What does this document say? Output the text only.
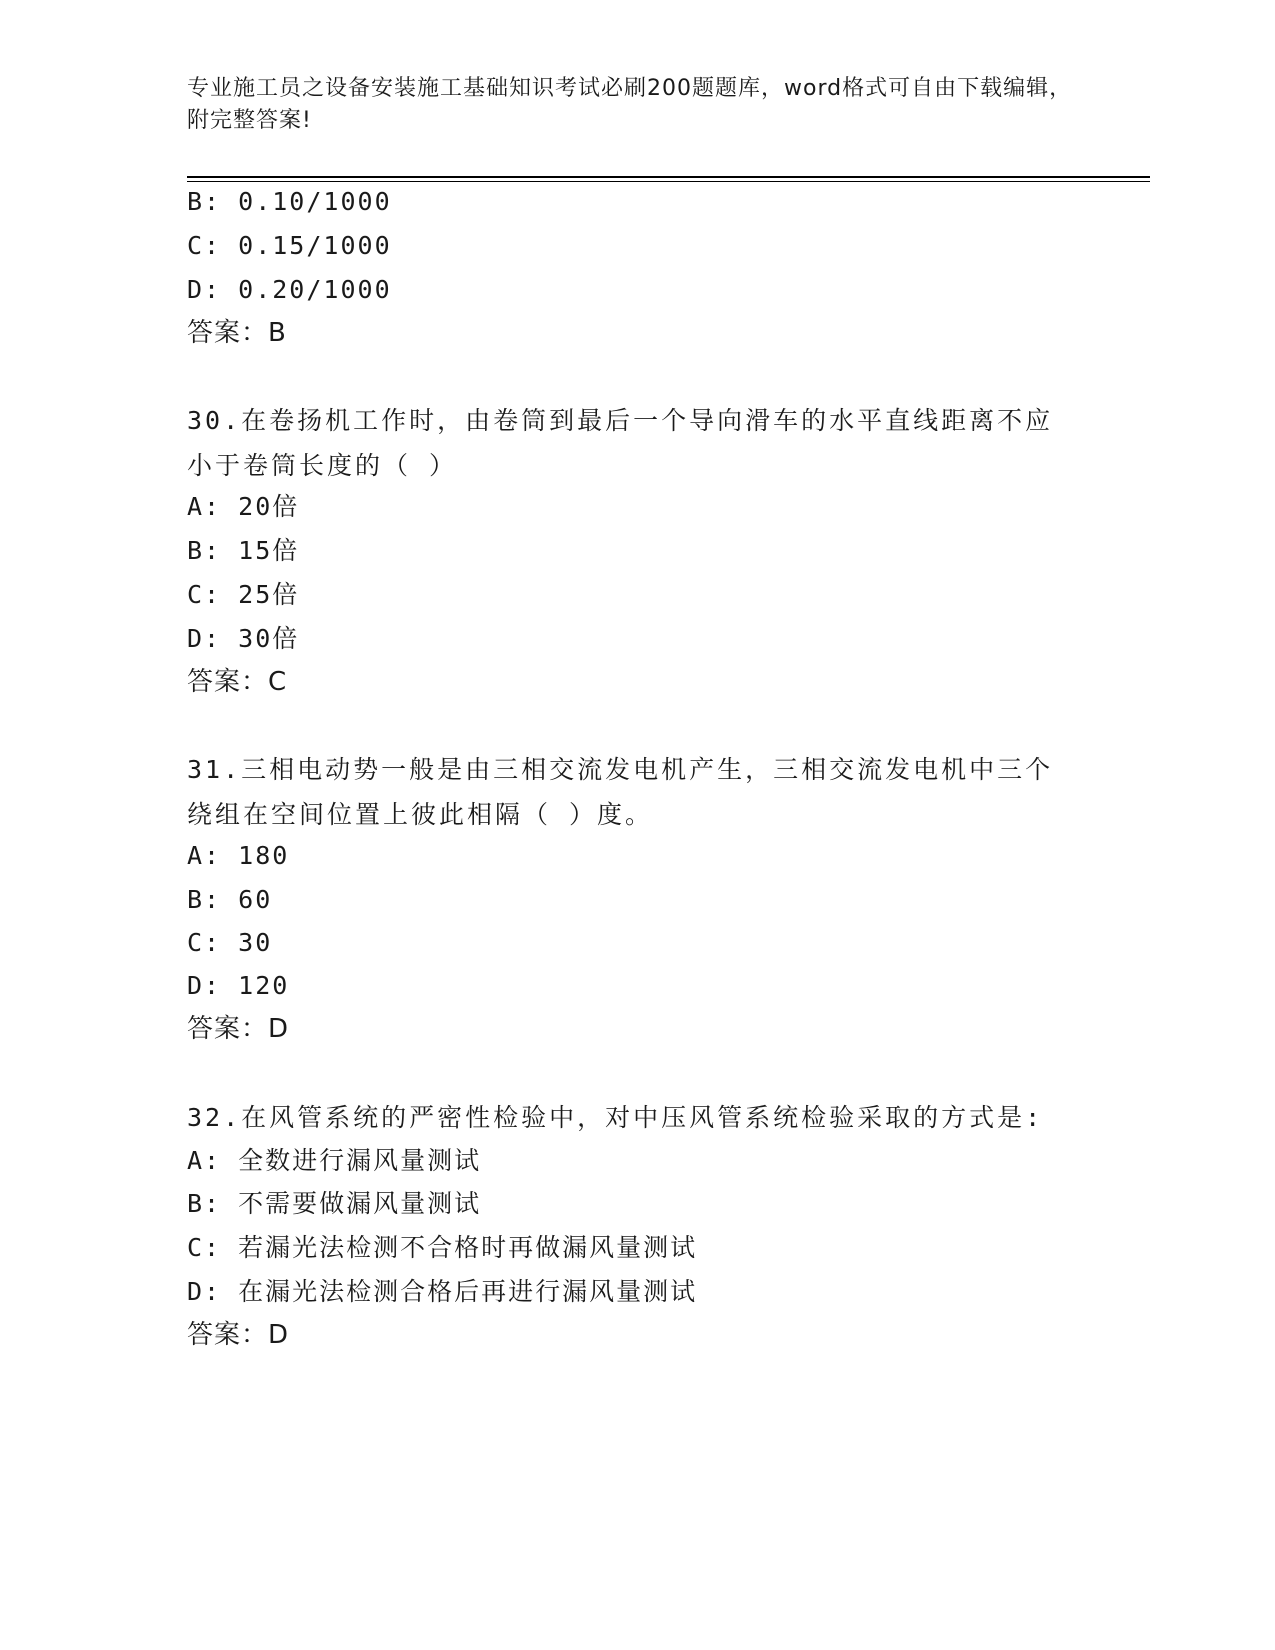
专业施工员之设备安装施工基础知识考试必刷200题题库，word格式可自由下载编辑，附完整答案!
B: 0.10/1000
C: 0.15/1000
D: 0.20/1000
答案：B
30.在卷扬机工作时，由卷筒到最后一个导向滑车的水平直线距离不应小于卷筒长度的（ ）
A: 20倍
B: 15倍
C: 25倍
D: 30倍
答案：C
31.三相电动势一般是由三相交流发电机产生，三相交流发电机中三个绕组在空间位置上彼此相隔（ ）度。
A: 180
B: 60
C: 30
D: 120
答案：D
32.在风管系统的严密性检验中，对中压风管系统检验采取的方式是:
A: 全数进行漏风量测试
B: 不需要做漏风量测试
C: 若漏光法检测不合格时再做漏风量测试
D: 在漏光法检测合格后再进行漏风量测试
答案：D
